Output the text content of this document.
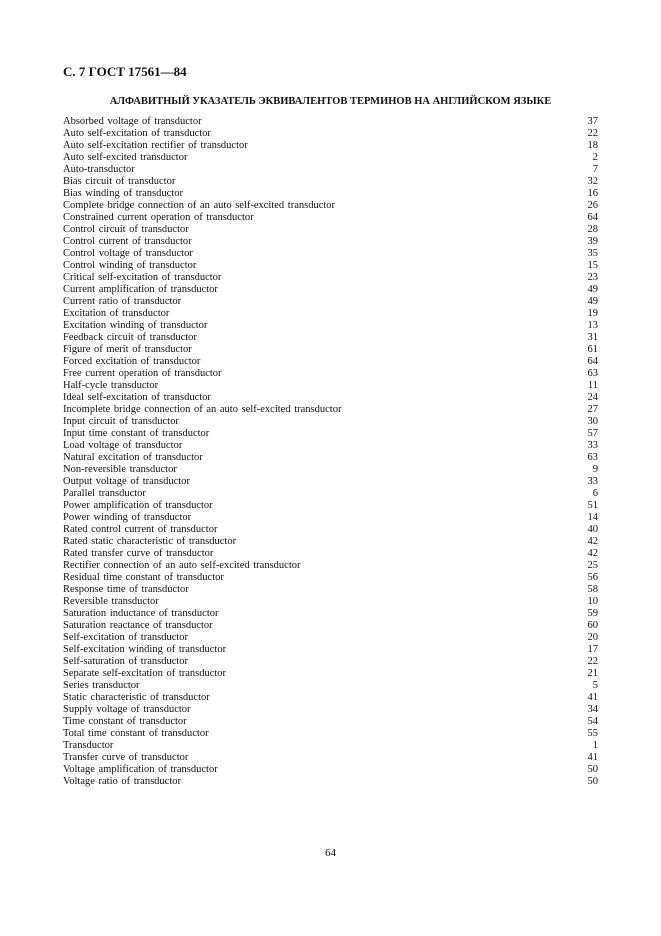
С. 7 ГОСТ 17561—84
АЛФАВИТНЫЙ УКАЗАТЕЛЬ ЭКВИВАЛЕНТОВ ТЕРМИНОВ НА АНГЛИЙСКОМ ЯЗЫКЕ
Absorbed voltage of transductor	37
Auto self-excitation of transductor	22
Auto self-excitation rectifier of transductor	18
Auto self-excited transductor	2
Auto-transductor	7
Bias circuit of transductor	32
Bias winding of transductor	16
Complete bridge connection of an auto self-excited transductor	26
Constrained current operation of transductor	64
Control circuit of transductor	28
Control current of transductor	39
Control voltage of transductor	35
Control winding of transductor	15
Critical self-excitation of transductor	23
Current amplification of transductor	49
Current ratio of transductor	49
Excitation of transductor	19
Excitation winding of transductor	13
Feedback circuit of transductor	31
Figure of merit of transductor	61
Forced excitation of transductor	64
Free current operation of transductor	63
Half-cycle transductor	11
Ideal self-excitation of transductor	24
Incomplete bridge connection of an auto self-excited transductor	27
Input circuit of transductor	30
Input time constant of transductor	57
Load voltage of transductor	33
Natural excitation of transductor	63
Non-reversible transductor	9
Output voltage of transductor	33
Parallel transductor	6
Power amplification of transductor	51
Power winding of transductor	14
Rated control current of transductor	40
Rated static characteristic of transductor	42
Rated transfer curve of transductor	42
Rectifier connection of an auto self-excited transductor	25
Residual time constant of transductor	56
Response time of transductor	58
Reversible transductor	10
Saturation inductance of transductor	59
Saturation reactance of transductor	60
Self-excitation of transductor	20
Self-excitation winding of transductor	17
Self-saturation of transductor	22
Separate self-excitation of transductor	21
Series transductor	5
Static characteristic of transductor	41
Supply voltage of transductor	34
Time constant of transductor	54
Total time constant of transductor	55
Transductor	1
Transfer curve of transductor	41
Voltage amplification of transductor	50
Voltage ratio of transductor	50
64
